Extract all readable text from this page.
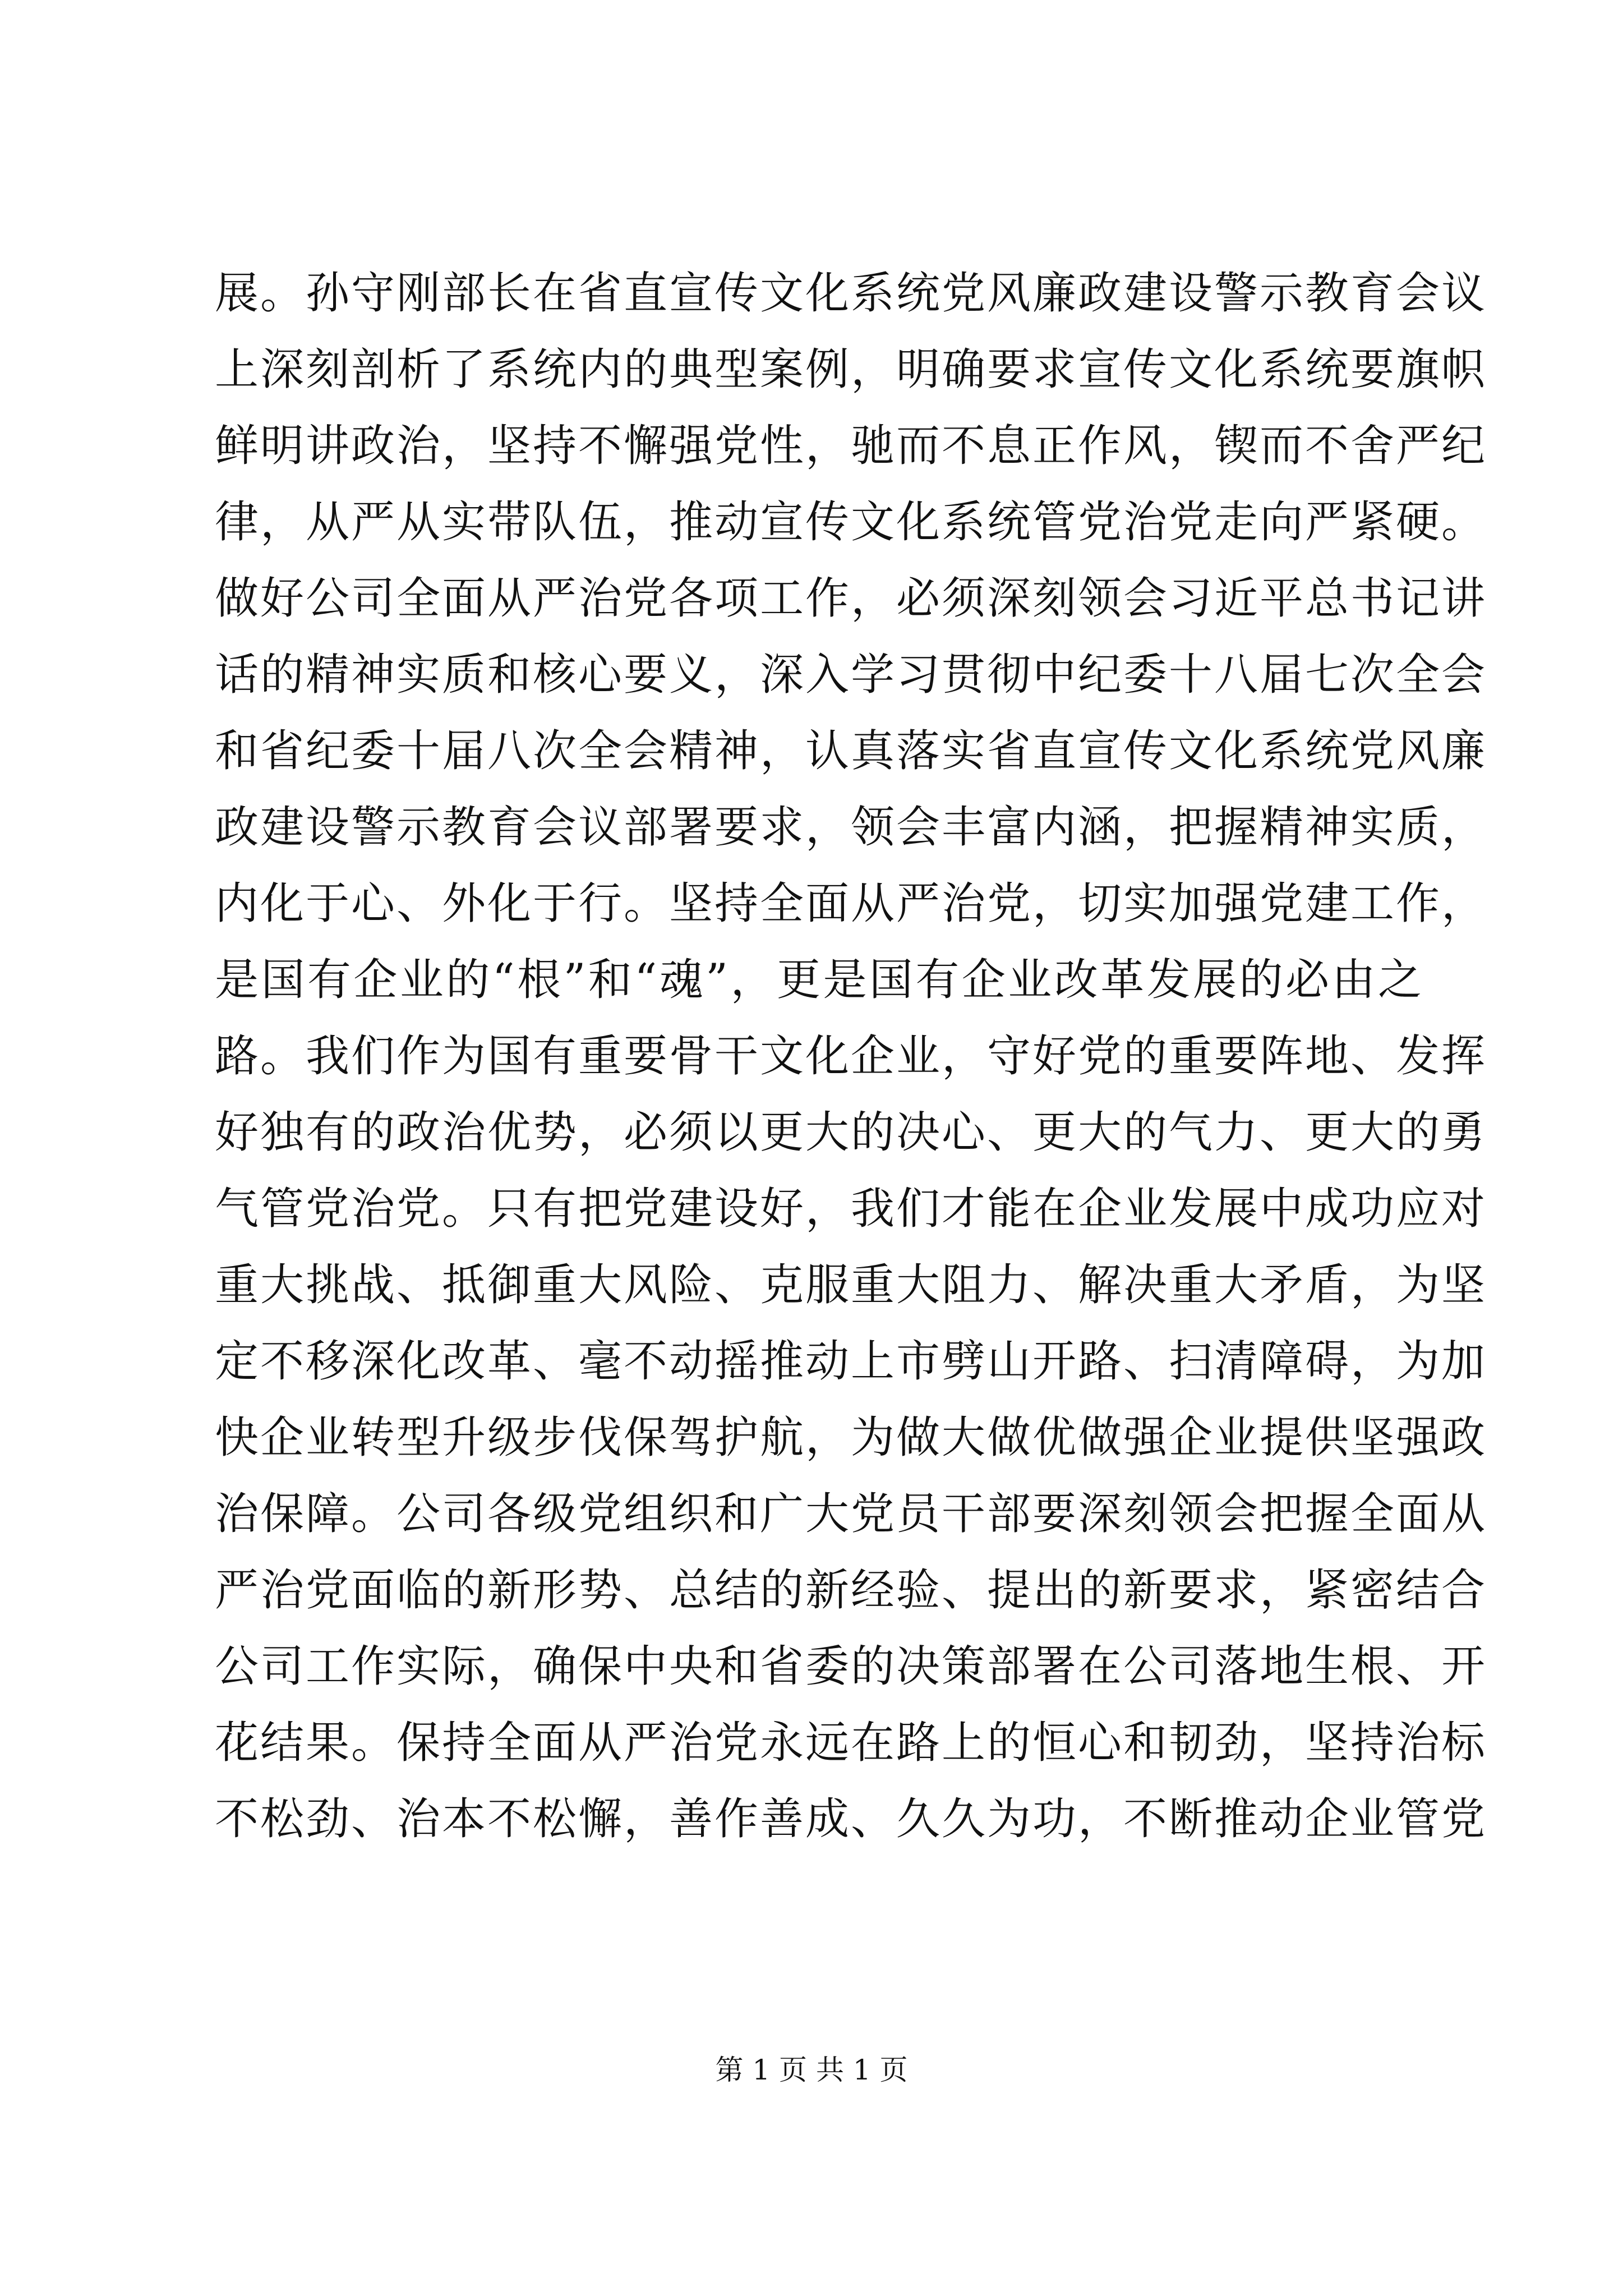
展。孙守刚部长在省直宣传文化系统党风廉政建设警示教育会议
上深刻剖析了系统内的典型案例，明确要求宣传文化系统要旗帜
鲜明讲政治，坚持不懈强党性，驰而不息正作风，锲而不舍严纪
律，从严从实带队伍，推动宣传文化系统管党治党走向严紧硬。
做好公司全面从严治党各项工作，必须深刻领会习近平总书记讲
话的精神实质和核心要义，深入学习贯彻中纪委十八届七次全会
和省纪委十届八次全会精神，认真落实省直宣传文化系统党风廉
政建设警示教育会议部署要求，领会丰富内涵，把握精神实质，
内化于心、外化于行。坚持全面从严治党，切实加强党建工作，
是国有企业的“根”和“魂”，更是国有企业改革发展的必由之
路。我们作为国有重要骨干文化企业，守好党的重要阵地、发挥
好独有的政治优势，必须以更大的决心、更大的气力、更大的勇
气管党治党。只有把党建设好，我们才能在企业发展中成功应对
重大挑战、抵御重大风险、克服重大阻力、解决重大矛盾，为坚
定不移深化改革、毫不动摇推动上市劈山开路、扫清障碍，为加
快企业转型升级步伐保驾护航，为做大做优做强企业提供坚强政
治保障。公司各级党组织和广大党员干部要深刻领会把握全面从
严治党面临的新形势、总结的新经验、提出的新要求，紧密结合
公司工作实际，确保中央和省委的决策部署在公司落地生根、开
花结果。保持全面从严治党永远在路上的恒心和韧劲，坚持治标
不松劲、治本不松懈，善作善成、久久为功，不断推动企业管党
第 1 页 共 1 页
